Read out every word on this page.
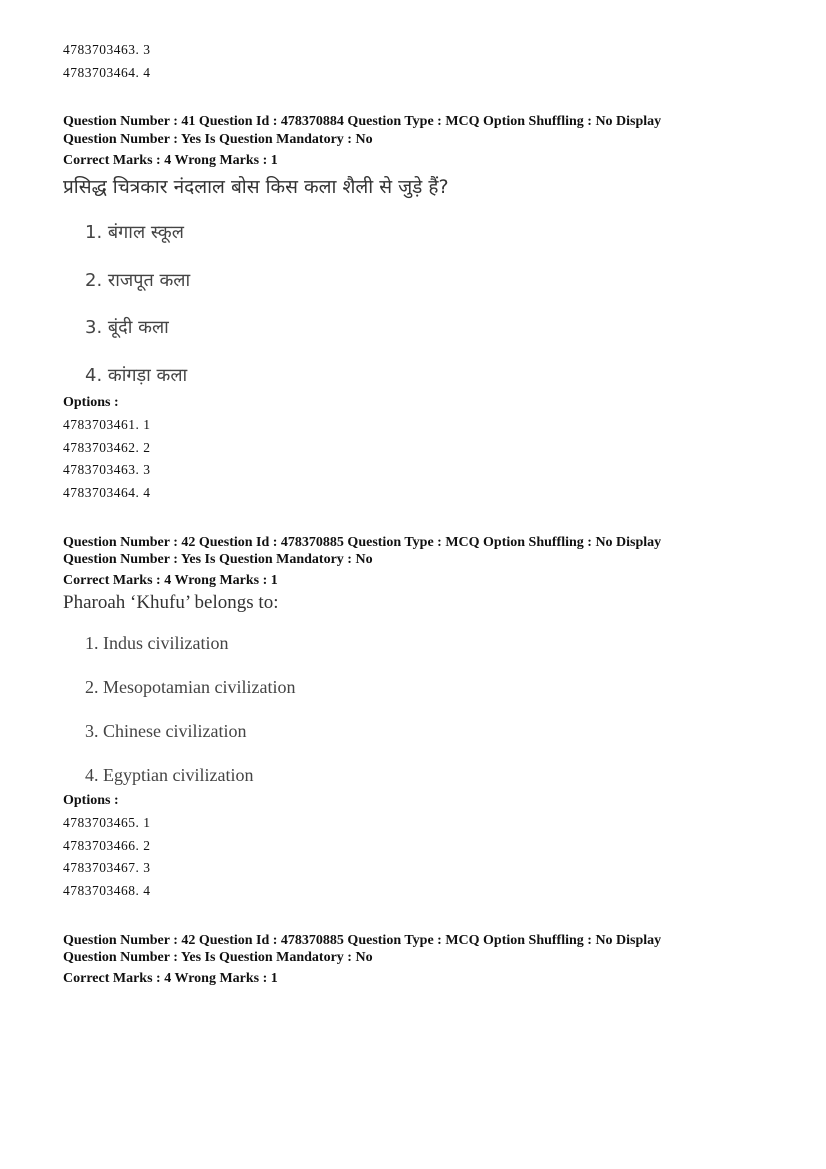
4783703463. 3
4783703464. 4
Question Number : 41 Question Id : 478370884 Question Type : MCQ Option Shuffling : No Display
Question Number : Yes Is Question Mandatory : No
Correct Marks : 4 Wrong Marks : 1
प्रसिद्ध चित्रकार नंदलाल बोस किस कला शैली से जुड़े हैं?
1. बंगाल स्कूल
2. राजपूत कला
3. बूंदी कला
4. कांगड़ा कला
Options :
4783703461. 1
4783703462. 2
4783703463. 3
4783703464. 4
Question Number : 42 Question Id : 478370885 Question Type : MCQ Option Shuffling : No Display
Question Number : Yes Is Question Mandatory : No
Correct Marks : 4 Wrong Marks : 1
Pharoah ‘Khufu’ belongs to:
1. Indus civilization
2. Mesopotamian civilization
3. Chinese civilization
4. Egyptian civilization
Options :
4783703465. 1
4783703466. 2
4783703467. 3
4783703468. 4
Question Number : 42 Question Id : 478370885 Question Type : MCQ Option Shuffling : No Display
Question Number : Yes Is Question Mandatory : No
Correct Marks : 4 Wrong Marks : 1
